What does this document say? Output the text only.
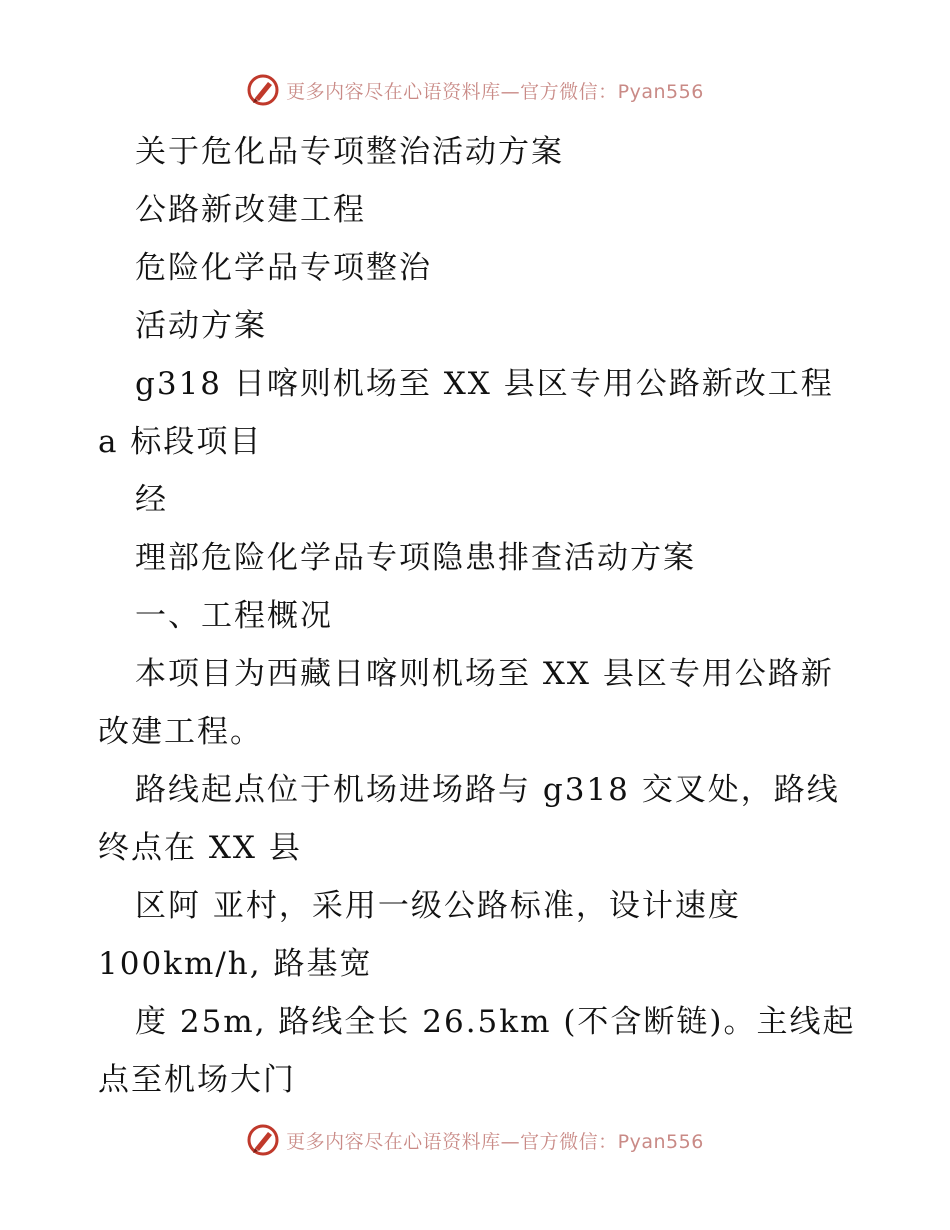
更多内容尽在心语资料库—官方微信：Pyan556
关于危化品专项整治活动方案
公路新改建工程
危险化学品专项整治
活动方案
g318 日喀则机场至 XX 县区专用公路新改工程
a 标段项目
经
理部危险化学品专项隐患排查活动方案
一、工程概况
本项目为西藏日喀则机场至 XX 县区专用公路新
改建工程。
路线起点位于机场进场路与 g318 交叉处，路线
终点在 XX 县
区阿 亚村，采用一级公路标准，设计速度
100km/h, 路基宽
度 25m, 路线全长 26.5km (不含断链)。主线起
点至机场大门
更多内容尽在心语资料库—官方微信：Pyan556
